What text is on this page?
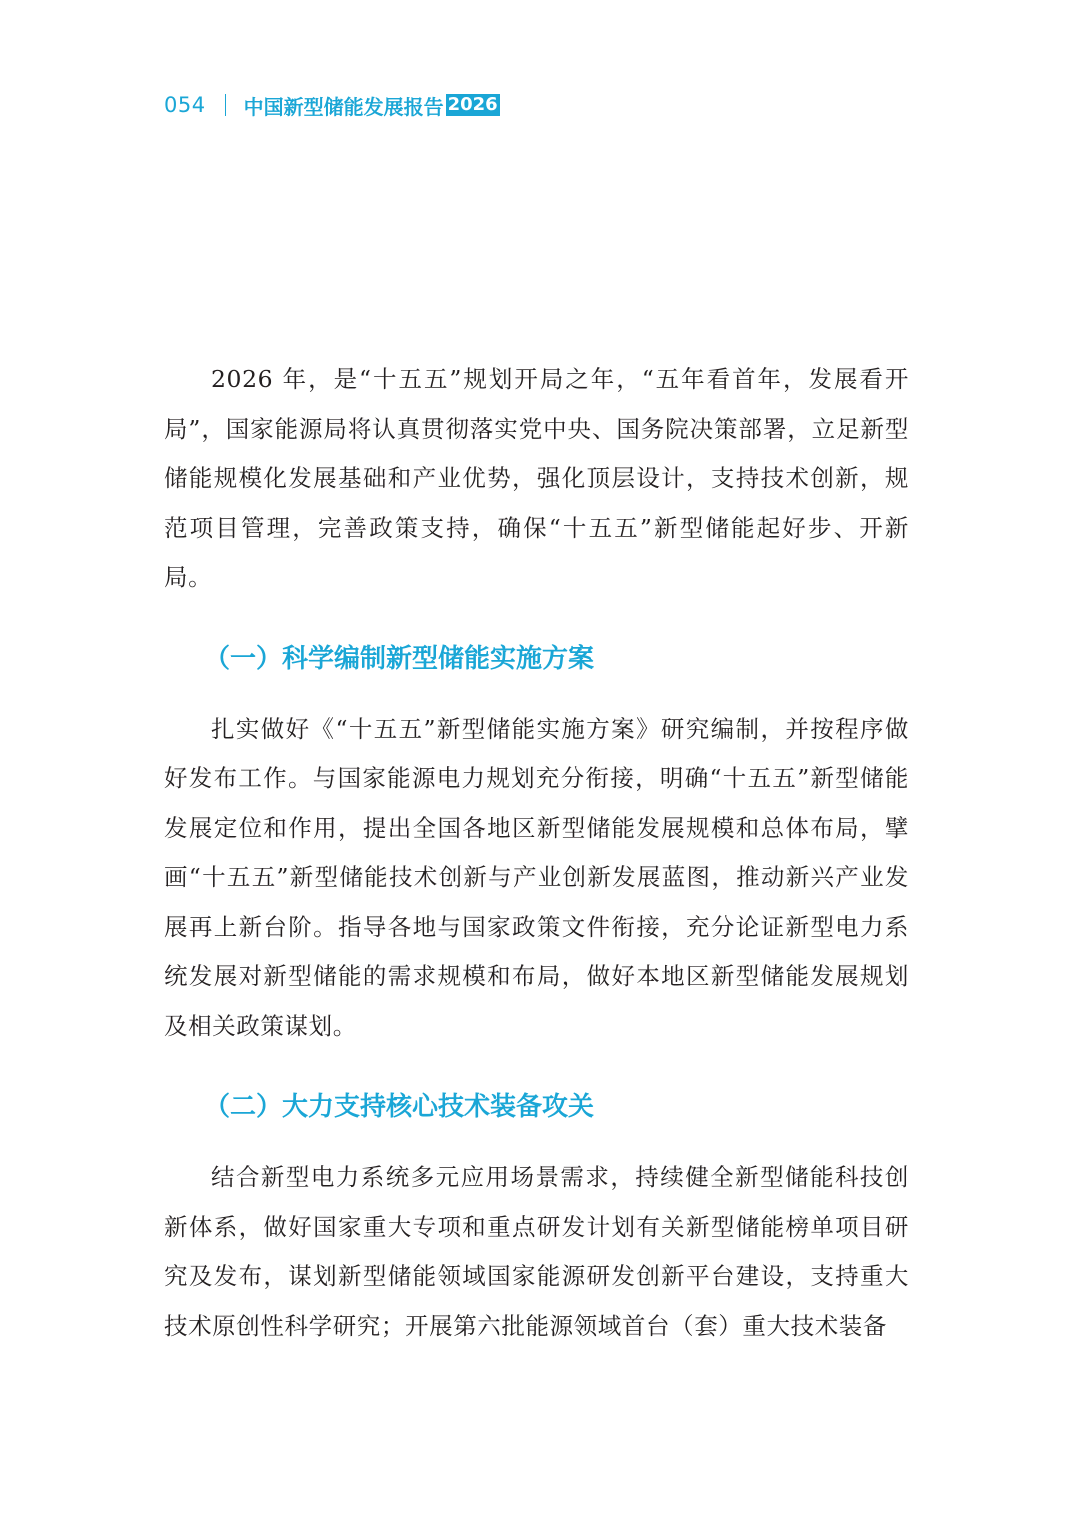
054 中国新型储能发展报告 2026

2026 年，是“十五五”规划开局之年，“五年看首年，发展看开局”，国家能源局将认真贯彻落实党中央、国务院决策部署，立足新型储能规模化发展基础和产业优势，强化顶层设计，支持技术创新，规范项目管理，完善政策支持，确保“十五五”新型储能起好步、开新局。

（一）科学编制新型储能实施方案

扎实做好《“十五五”新型储能实施方案》研究编制，并按程序做好发布工作。与国家能源电力规划充分衔接，明确“十五五”新型储能发展定位和作用，提出全国各地区新型储能发展规模和总体布局，擘画“十五五”新型储能技术创新与产业创新发展蓝图，推动新兴产业发展再上新台阶。指导各地与国家政策文件衔接，充分论证新型电力系统发展对新型储能的需求规模和布局，做好本地区新型储能发展规划及相关政策谋划。

（二）大力支持核心技术装备攻关

结合新型电力系统多元应用场景需求，持续健全新型储能科技创新体系，做好国家重大专项和重点研发计划有关新型储能榜单项目研究及发布，谋划新型储能领域国家能源研发创新平台建设，支持重大技术原创性科学研究；开展第六批能源领域首台（套）重大技术装备
